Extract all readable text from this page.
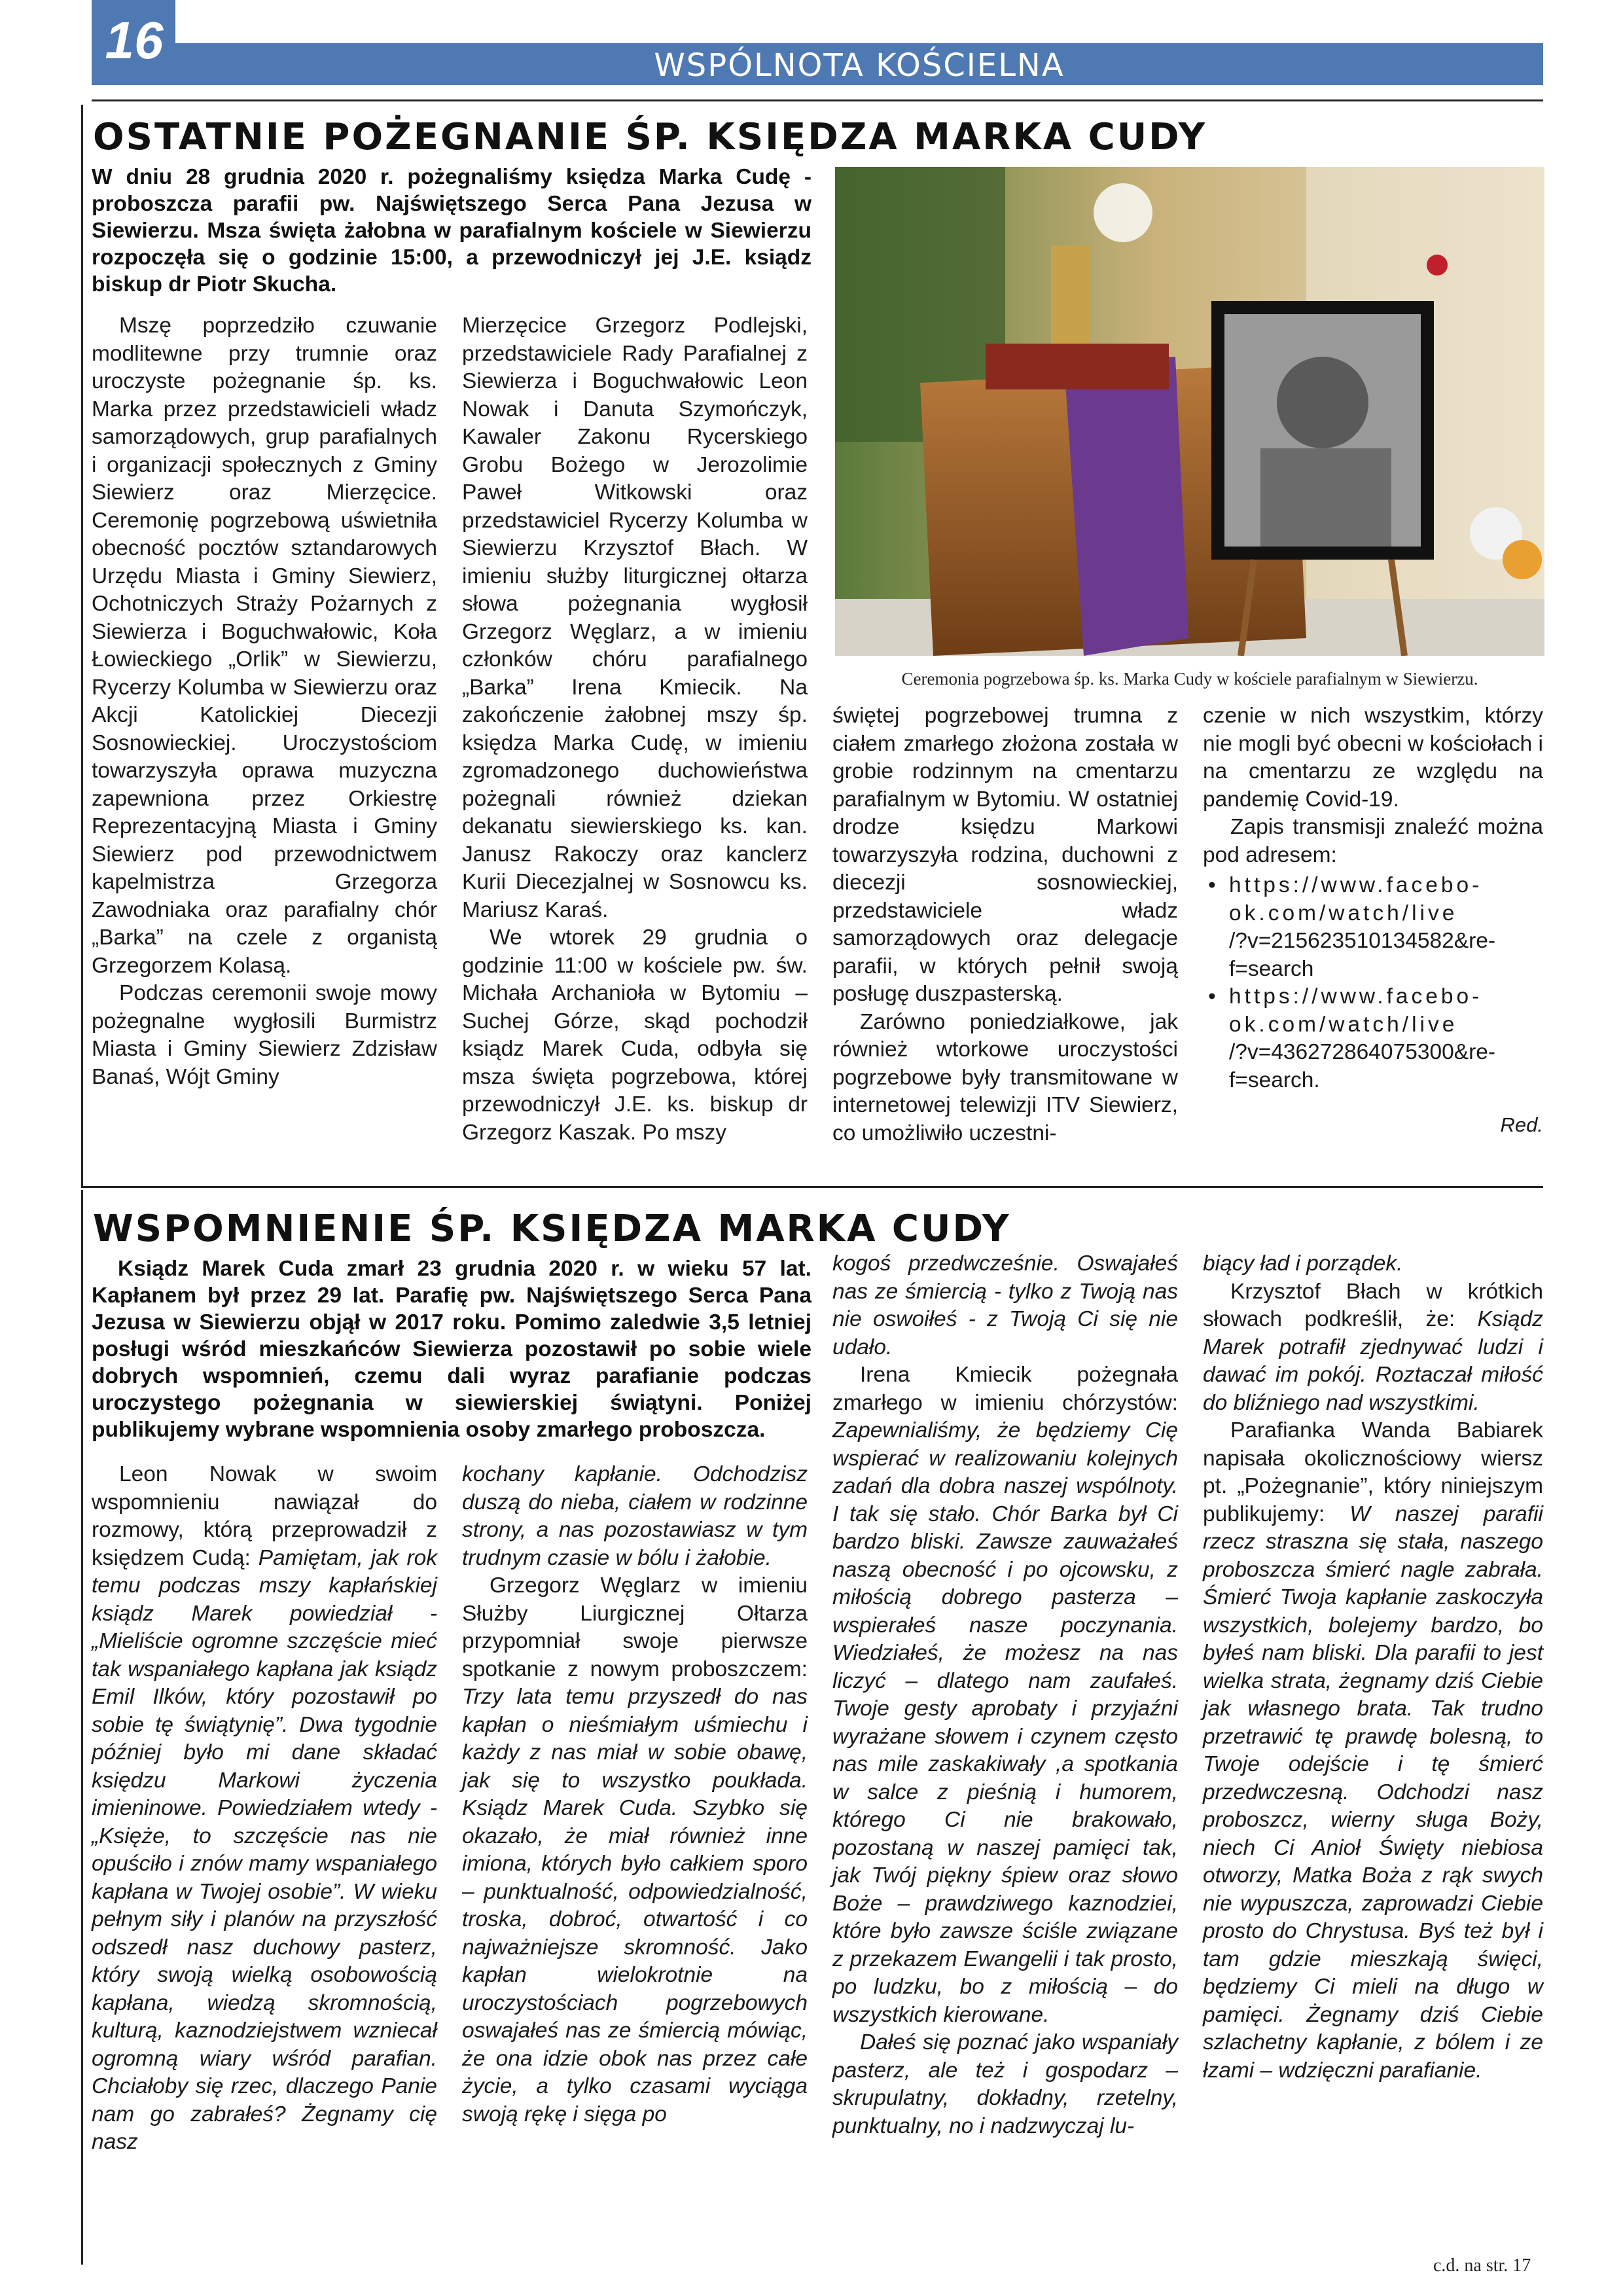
16	WSPÓLNOTA KOŚCIELNA
OSTATNIE POŻEGNANIE ŚP. KSIĘDZA MARKA CUDY
W dniu 28 grudnia 2020 r. pożegnaliśmy księdza Marka Cudę - proboszcza parafii pw. Najświętszego Serca Pana Jezusa w Siewierzu. Msza święta żałobna w parafialnym kościele w Siewierzu rozpoczęła się o godzinie 15:00, a przewodniczył jej J.E. ksiądz biskup dr Piotr Skucha.

Mszę poprzedziło czuwanie modlitewne przy trumnie oraz uroczyste pożegnanie śp. ks. Marka przez przedstawicieli władz samorządowych, grup parafialnych i organizacji społecznych z Gminy Siewierz oraz Mierzęcice. Ceremonię pogrzebową uświetniła obecność pocztów sztandarowych Urzędu Miasta i Gminy Siewierz, Ochotniczych Straży Pożarnych z Siewierza i Boguchwałowic, Koła Łowieckiego „Orlik” w Siewierzu, Rycerzy Kolumba w Siewierzu oraz Akcji Katolickiej Diecezji Sosnowieckiej. Uroczystościom towarzyszyła oprawa muzyczna zapewniona przez Orkiestrę Reprezentacyjną Miasta i Gminy Siewierz pod przewodnictwem kapelmistrza Grzegorza Zawodniaka oraz parafialny chór „Barka” na czele z organistą Grzegorzem Kolasą.

Podczas ceremonii swoje mowy pożegnalne wygłosili Burmistrz Miasta i Gminy Siewierz Zdzisław Banaś, Wójt Gminy

Mierzęcice Grzegorz Podlejski, przedstawiciele Rady Parafialnej z Siewierza i Boguchwałowic Leon Nowak i Danuta Szymończyk, Kawaler Zakonu Rycerskiego Grobu Bożego w Jerozolimie Paweł Witkowski oraz przedstawiciel Rycerzy Kolumba w Siewierzu Krzysztof Błach. W imieniu służby liturgicznej ołtarza słowa pożegnania wygłosił Grzegorz Węglarz, a w imieniu członków chóru parafialnego „Barka” Irena Kmiecik. Na zakończenie żałobnej mszy śp. księdza Marka Cudę, w imieniu zgromadzonego duchowieństwa pożegnali również dziekan dekanatu siewierskiego ks. kan. Janusz Rakoczy oraz kanclerz Kurii Diecezjalnej w Sosnowcu ks. Mariusz Karaś.

We wtorek 29 grudnia o godzinie 11:00 w kościele pw. św. Michała Archanioła w Bytomiu – Suchej Górze, skąd pochodził ksiądz Marek Cuda, odbyła się msza święta pogrzebowa, której przewodniczył J.E. ks. biskup dr Grzegorz Kaszak. Po mszy

Ceremonia pogrzebowa śp. ks. Marka Cudy w kościele parafialnym w Siewierzu.

świętej pogrzebowej trumna z ciałem zmarłego złożona została w grobie rodzinnym na cmentarzu parafialnym w Bytomiu. W ostatniej drodze księdzu Markowi towarzyszyła rodzina, duchowni z diecezji sosnowieckiej, przedstawiciele władz samorządowych oraz delegacje parafii, w których pełnił swoją posługę duszpasterską.

Zarówno poniedziałkowe, jak również wtorkowe uroczystości pogrzebowe były transmitowane w internetowej telewizji ITV Siewierz, co umożliwiło uczestni-

czenie w nich wszystkim, którzy nie mogli być obecni w kościołach i na cmentarzu ze względu na pandemię Covid-19.

Zapis transmisji znaleźć można pod adresem:

• https://www.facebo-
ok.com/watch/live
/?v=215623510134582&re-
f=search
• https://www.facebo-
ok.com/watch/live
/?v=436272864075300&re-
f=search.

Red.

WSPOMNIENIE ŚP. KSIĘDZA MARKA CUDY
Ksiądz Marek Cuda zmarł 23 grudnia 2020 r. w wieku 57 lat. Kapłanem był przez 29 lat. Parafię pw. Najświętszego Serca Pana Jezusa w Siewierzu objął w 2017 roku. Pomimo zaledwie 3,5 letniej posługi wśród mieszkańców Siewierza pozostawił po sobie wiele dobrych wspomnień, czemu dali wyraz parafianie podczas uroczystego pożegnania w siewierskiej świątyni. Poniżej publikujemy wybrane wspomnienia osoby zmarłego proboszcza.

Leon Nowak w swoim wspomnieniu nawiązał do rozmowy, którą przeprowadził z księdzem Cudą: Pamiętam, jak rok temu podczas mszy kapłańskiej ksiądz Marek powiedział - „Mieliście ogromne szczęście mieć tak wspaniałego kapłana jak ksiądz Emil Ilków, który pozostawił po sobie tę świątynię”. Dwa tygodnie później było mi dane składać księdzu Markowi życzenia imieninowe. Powiedziałem wtedy - „Księże, to szczęście nas nie opuściło i znów mamy wspaniałego kapłana w Twojej osobie”. W wieku pełnym siły i planów na przyszłość odszedł nasz duchowy pasterz, który swoją wielką osobowością kapłana, wiedzą skromnością, kulturą, kaznodziejstwem wzniecał ogromną wiary wśród parafian. Chciałoby się rzec, dlaczego Panie nam go zabrałeś? Żegnamy cię nasz

kochany kapłanie. Odchodzisz duszą do nieba, ciałem w rodzinne strony, a nas pozostawiasz w tym trudnym czasie w bólu i żałobie.

Grzegorz Węglarz w imieniu Służby Liurgicznej Ołtarza przypomniał swoje pierwsze spotkanie z nowym proboszczem: Trzy lata temu przyszedł do nas kapłan o nieśmiałym uśmiechu i każdy z nas miał w sobie obawę, jak się to wszystko poukłada. Ksiądz Marek Cuda. Szybko się okazało, że miał również inne imiona, których było całkiem sporo – punktualność, odpowiedzialność, troska, dobroć, otwartość i co najważniejsze skromność. Jako kapłan wielokrotnie na uroczystościach pogrzebowych oswajałeś nas ze śmiercią mówiąc, że ona idzie obok nas przez całe życie, a tylko czasami wyciąga swoją rękę i sięga po

kogoś przedwcześnie. Oswajałeś nas ze śmiercią - tylko z Twoją nas nie oswoiłeś - z Twoją Ci się nie udało.

Irena Kmiecik pożegnała zmarłego w imieniu chórzystów: Zapewnialiśmy, że będziemy Cię wspierać w realizowaniu kolejnych zadań dla dobra naszej wspólnoty. I tak się stało. Chór Barka był Ci bardzo bliski. Zawsze zauważałeś naszą obecność i po ojcowsku, z miłością dobrego pasterza – wspierałeś nasze poczynania. Wiedziałeś, że możesz na nas liczyć – dlatego nam zaufałeś. Twoje gesty aprobaty i przyjaźni wyrażane słowem i czynem często nas mile zaskakiwały ,a spotkania w salce z pieśnią i humorem, którego Ci nie brakowało, pozostaną w naszej pamięci tak, jak Twój piękny śpiew oraz słowo Boże – prawdziwego kaznodziei, które było zawsze ściśle związane z przekazem Ewangelii i tak prosto, po ludzku, bo z miłością – do wszystkich kierowane.

Dałeś się poznać jako wspaniały pasterz, ale też i gospodarz – skrupulatny, dokładny, rzetelny, punktualny, no i nadzwyczaj lu-

biący ład i porządek.

Krzysztof Błach w krótkich słowach podkreślił, że: Ksiądz Marek potrafił zjednywać ludzi i dawać im pokój. Roztaczał miłość do bliźniego nad wszystkimi.

Parafianka Wanda Babiarek napisała okolicznościowy wiersz pt. „Pożegnanie”, który niniejszym publikujemy: W naszej parafii rzecz straszna się stała, naszego proboszcza śmierć nagle zabrała. Śmierć Twoja kapłanie zaskoczyła wszystkich, bolejemy bardzo, bo byłeś nam bliski. Dla parafii to jest wielka strata, żegnamy dziś Ciebie jak własnego brata. Tak trudno przetrawić tę prawdę bolesną, to Twoje odejście i tę śmierć przedwczesną. Odchodzi nasz proboszcz, wierny sługa Boży, niech Ci Anioł Święty niebiosa otworzy, Matka Boża z rąk swych nie wypuszcza, zaprowadzi Ciebie prosto do Chrystusa. Byś też był i tam gdzie mieszkają święci, będziemy Ci mieli na długo w pamięci. Żegnamy dziś Ciebie szlachetny kapłanie, z bólem i ze łzami – wdzięczni parafianie.

c.d. na str. 17
